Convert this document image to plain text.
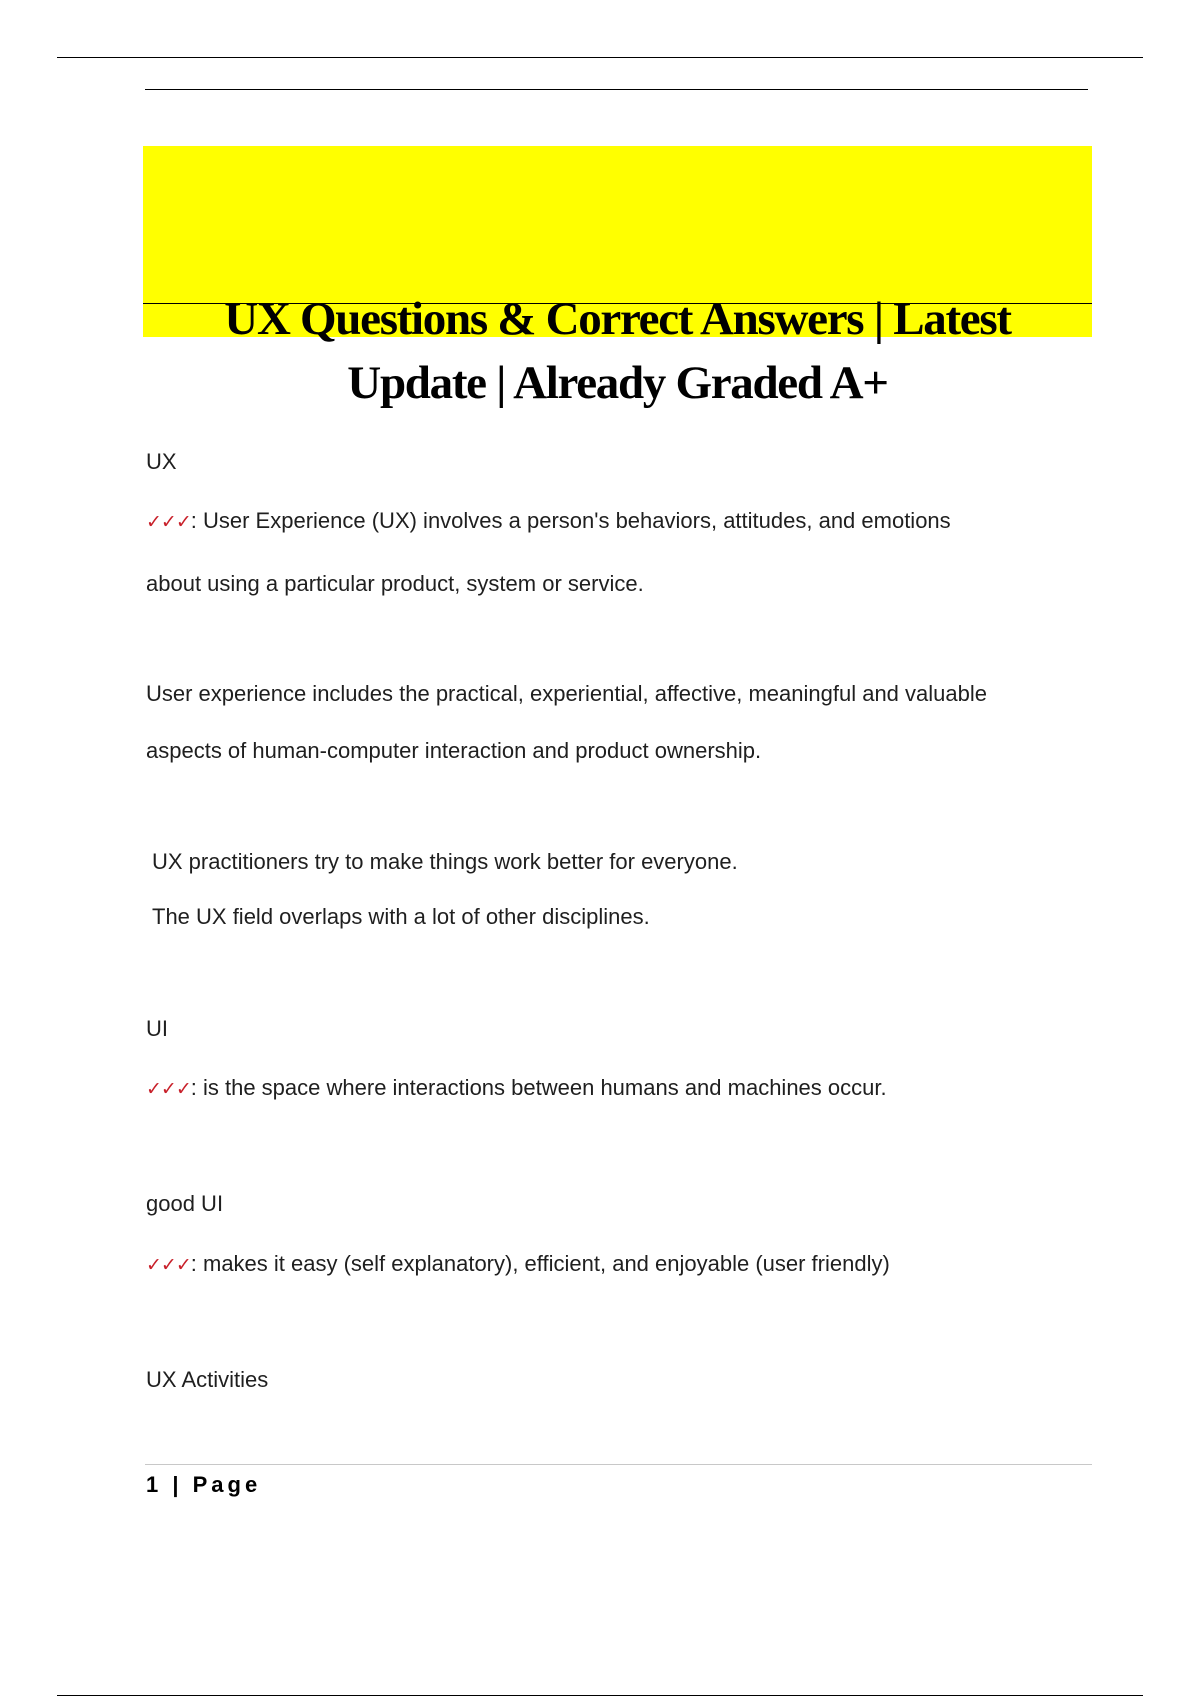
UX Questions & Correct Answers | Latest
Update | Already Graded A+
UX
✓✓✓: User Experience (UX) involves a person's behaviors, attitudes, and emotions
about using a particular product, system or service.
User experience includes the practical, experiential, affective, meaningful and valuable
aspects of human-computer interaction and product ownership.
UX practitioners try to make things work better for everyone.
The UX field overlaps with a lot of other disciplines.
UI
✓✓✓: is the space where interactions between humans and machines occur.
good UI
✓✓✓: makes it easy (self explanatory), efficient, and enjoyable (user friendly)
UX Activities
1 | Page
